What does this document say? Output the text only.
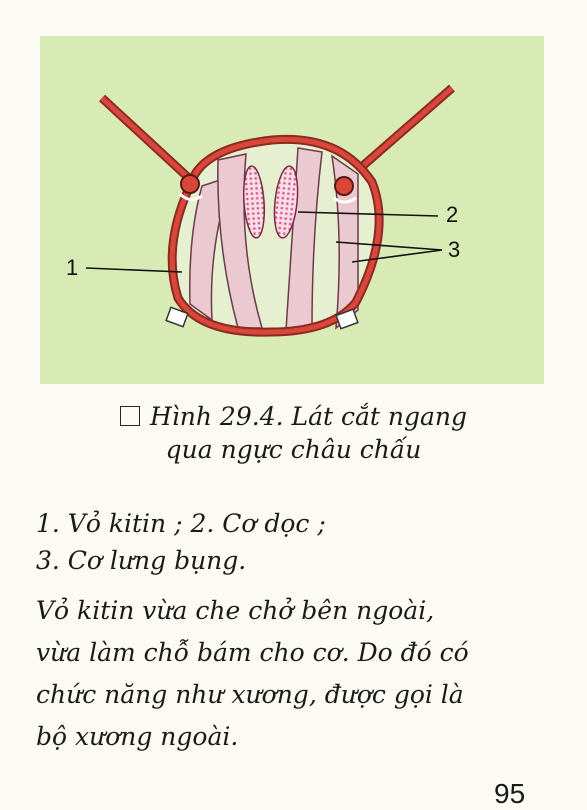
1
2
3
Hình 29.4. Lát cắt ngang
qua ngực châu chấu
1. Vỏ kitin ; 2. Cơ dọc ;
3. Cơ lưng bụng.
Vỏ kitin vừa che chở bên ngoài,
vừa làm chỗ bám cho cơ. Do đó có
chức năng như xương, được gọi là
bộ xương ngoài.
95
